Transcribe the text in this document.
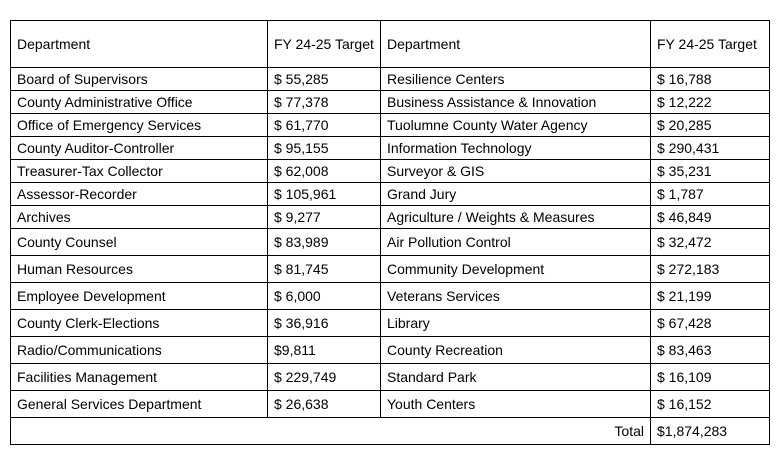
Department	FY 24-25 Target	Department	FY 24-25 Target
Board of Supervisors	$ 55,285	Resilience Centers	$ 16,788
County Administrative Office	$ 77,378	Business Assistance & Innovation	$ 12,222
Office of Emergency Services	$ 61,770	Tuolumne County Water Agency	$ 20,285
County Auditor-Controller	$ 95,155	Information Technology	$ 290,431
Treasurer-Tax Collector	$ 62,008	Surveyor & GIS	$ 35,231
Assessor-Recorder	$ 105,961	Grand Jury	$ 1,787
Archives	$ 9,277	Agriculture / Weights & Measures	$ 46,849
County Counsel	$ 83,989	Air Pollution Control	$ 32,472
Human Resources	$ 81,745	Community Development	$ 272,183
Employee Development	$ 6,000	Veterans Services	$ 21,199
County Clerk-Elections	$ 36,916	Library	$ 67,428
Radio/Communications	$9,811	County Recreation	$ 83,463
Facilities Management	$ 229,749	Standard Park	$ 16,109
General Services Department	$ 26,638	Youth Centers	$ 16,152
Total			$1,874,283
